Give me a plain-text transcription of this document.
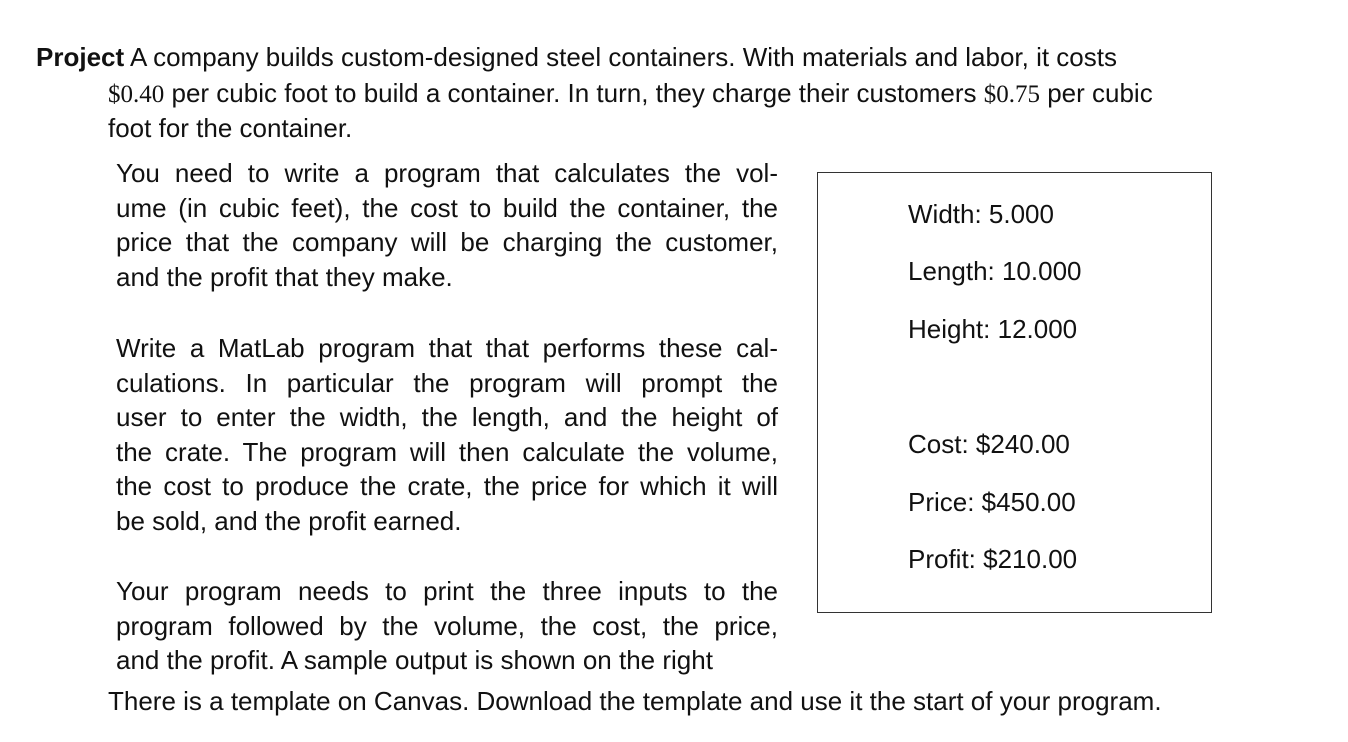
Project A company builds custom-designed steel containers. With materials and labor, it costs
$0.40 per cubic foot to build a container. In turn, they charge their customers $0.75 per cubic
foot for the container.
You need to write a program that calculates the vol-
ume (in cubic feet), the cost to build the container, the
price that the company will be charging the customer,
and the profit that they make.
Write a MatLab program that that performs these cal-
culations. In particular the program will prompt the
user to enter the width, the length, and the height of
the crate. The program will then calculate the volume,
the cost to produce the crate, the price for which it will
be sold, and the profit earned.
Your program needs to print the three inputs to the
program followed by the volume, the cost, the price,
and the profit. A sample output is shown on the right
There is a template on Canvas. Download the template and use it the start of your program.
Width: 5.000
Length: 10.000
Height: 12.000
Cost: $240.00
Price: $450.00
Profit: $210.00
